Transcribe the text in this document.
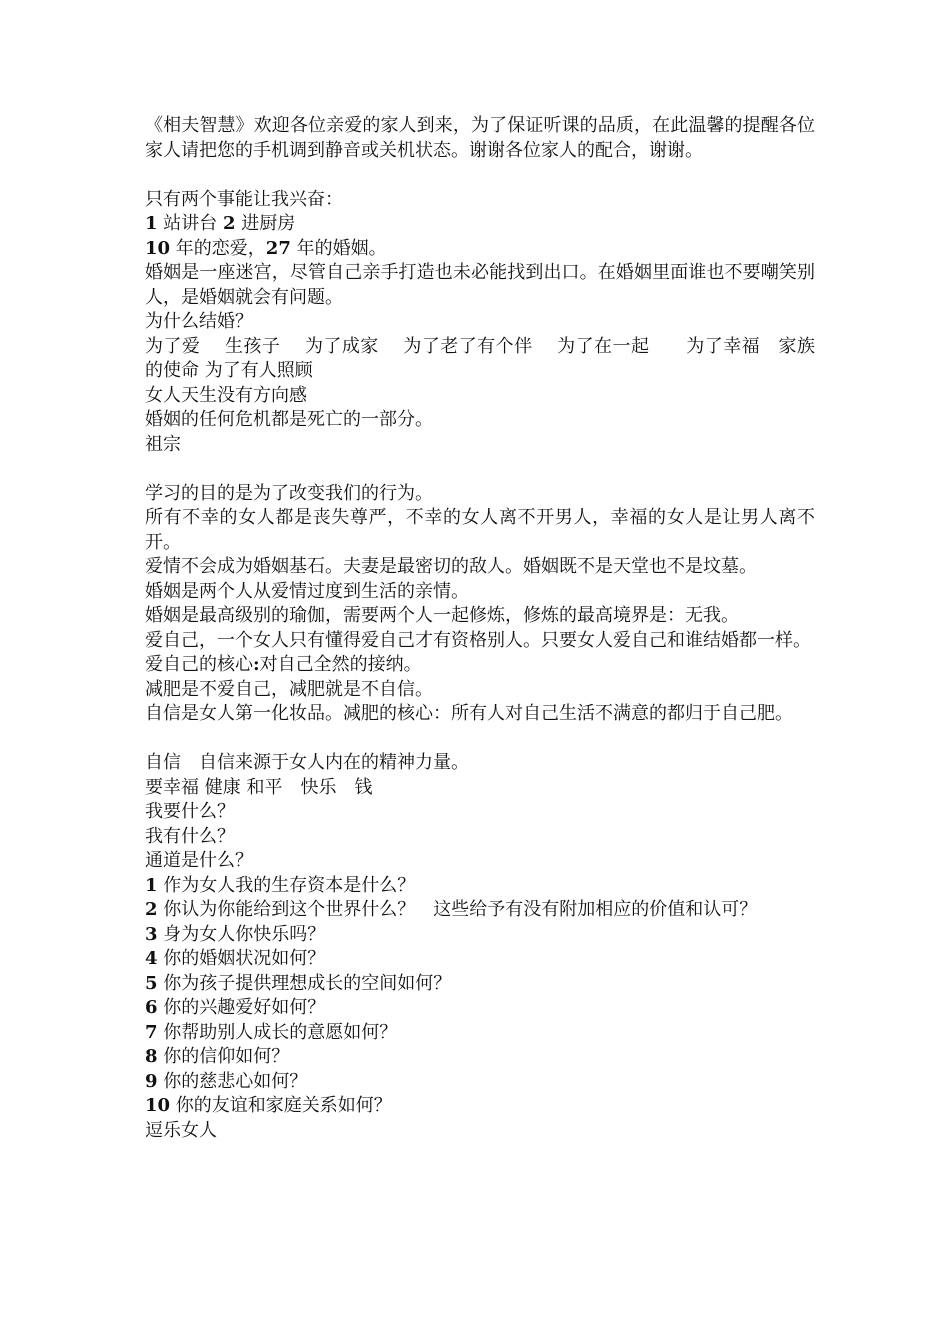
《相夫智慧》欢迎各位亲爱的家人到来，为了保证听课的品质，在此温馨的提醒各位家人请把您的手机调到静音或关机状态。谢谢各位家人的配合，谢谢。
只有两个事能让我兴奋：
1 站讲台 2 进厨房
10 年的恋爱，27 年的婚姻。
婚姻是一座迷宫，尽管自己亲手打造也未必能找到出口。在婚姻里面谁也不要嘲笑别人，是婚姻就会有问题。
为什么结婚？
为了爱　 生孩子　 为了成家　 为了老了有个伴　 为了在一起　　为了幸福　家族的使命 为了有人照顾
女人天生没有方向感
婚姻的任何危机都是死亡的一部分。
祖宗
学习的目的是为了改变我们的行为。
所有不幸的女人都是丧失尊严，不幸的女人离不开男人，幸福的女人是让男人离不开。
爱情不会成为婚姻基石。夫妻是最密切的敌人。婚姻既不是天堂也不是坟墓。
婚姻是两个人从爱情过度到生活的亲情。
婚姻是最高级别的瑜伽，需要两个人一起修炼，修炼的最高境界是：无我。
爱自己，一个女人只有懂得爱自己才有资格别人。只要女人爱自己和谁结婚都一样。
爱自己的核心:对自己全然的接纳。
减肥是不爱自己，减肥就是不自信。
自信是女人第一化妆品。减肥的核心：所有人对自己生活不满意的都归于自己肥。
自信　自信来源于女人内在的精神力量。
要幸福 健康 和平　快乐　钱
我要什么？
我有什么？
通道是什么？
1 作为女人我的生存资本是什么？
2 你认为你能给到这个世界什么？　这些给予有没有附加相应的价值和认可？
3 身为女人你快乐吗？
4 你的婚姻状况如何？
5 你为孩子提供理想成长的空间如何？
6 你的兴趣爱好如何？
7 你帮助别人成长的意愿如何？
8 你的信仰如何？
9 你的慈悲心如何？
10 你的友谊和家庭关系如何？
逗乐女人
